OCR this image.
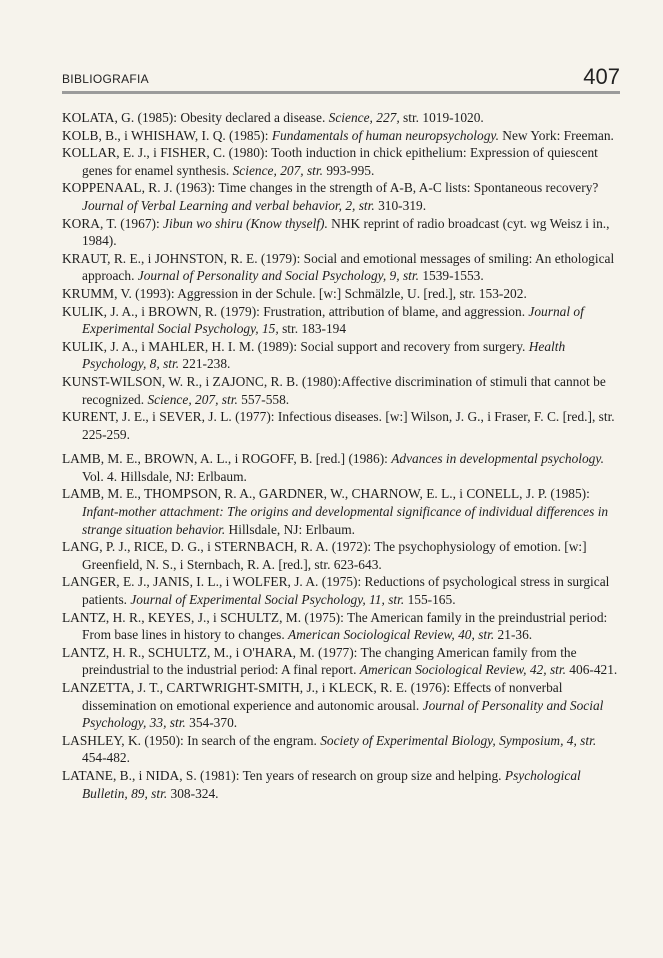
BIBLIOGRAFIA	407

KOLATA, G. (1985): Obesity declared a disease. Science, 227, str. 1019-1020.

KOLB, B., i WHISHAW, I. Q. (1985): Fundamentals of human neuropsychology. New York: Freeman.

KOLLAR, E. J., i FISHER, C. (1980): Tooth induction in chick epithelium: Expression of quiescent genes for enamel synthesis. Science, 207, str. 993-995.

KOPPENAAL, R. J. (1963): Time changes in the strength of A-B, A-C lists: Spontaneous recovery? Journal of Verbal Learning and verbal behavior, 2, str. 310-319.

KORA, T. (1967): Jibun wo shiru (Know thyself). NHK reprint of radio broadcast (cyt. wg Weisz i in., 1984).

KRAUT, R. E., i JOHNSTON, R. E. (1979): Social and emotional messages of smiling: An ethological approach. Journal of Personality and Social Psychology, 9, str. 1539-1553.

KRUMM, V. (1993): Aggression in der Schule. [w:] Schmälzle, U. [red.], str. 153-202.

KULIK, J. A., i BROWN, R. (1979): Frustration, attribution of blame, and aggression. Journal of Experimental Social Psychology, 15, str. 183-194

KULIK, J. A., i MAHLER, H. I. M. (1989): Social support and recovery from surgery. Health Psychology, 8, str. 221-238.

KUNST-WILSON, W. R., i ZAJONC, R. B. (1980):Affective discrimination of stimuli that cannot be recognized. Science, 207, str. 557-558.

KURENT, J. E., i SEVER, J. L. (1977): Infectious diseases. [w:] Wilson, J. G., i Fraser, F. C. [red.], str. 225-259.

LAMB, M. E., BROWN, A. L., i ROGOFF, B. [red.] (1986): Advances in developmental psychology. Vol. 4. Hillsdale, NJ: Erlbaum.

LAMB, M. E., THOMPSON, R. A., GARDNER, W., CHARNOW, E. L., i CONELL, J. P. (1985): Infant-mother attachment: The origins and developmental significance of individual differences in strange situation behavior. Hillsdale, NJ: Erlbaum.

LANG, P. J., RICE, D. G., i STERNBACH, R. A. (1972): The psychophysiology of emotion. [w:] Greenfield, N. S., i Sternbach, R. A. [red.], str. 623-643.

LANGER, E. J., JANIS, I. L., i WOLFER, J. A. (1975): Reductions of psychological stress in surgical patients. Journal of Experimental Social Psychology, 11, str. 155-165.

LANTZ, H. R., KEYES, J., i SCHULTZ, M. (1975): The American family in the preindustrial period: From base lines in history to changes. American Sociological Review, 40, str. 21-36.

LANTZ, H. R., SCHULTZ, M., i O'HARA, M. (1977): The changing American family from the preindustrial to the industrial period: A final report. American Sociological Review, 42, str. 406-421.

LANZETTA, J. T., CARTWRIGHT-SMITH, J., i KLECK, R. E. (1976): Effects of nonverbal dissemination on emotional experience and autonomic arousal. Journal of Personality and Social Psychology, 33, str. 354-370.

LASHLEY, K. (1950): In search of the engram. Society of Experimental Biology, Symposium, 4, str. 454-482.

LATANE, B., i NIDA, S. (1981): Ten years of research on group size and helping. Psychological Bulletin, 89, str. 308-324.
